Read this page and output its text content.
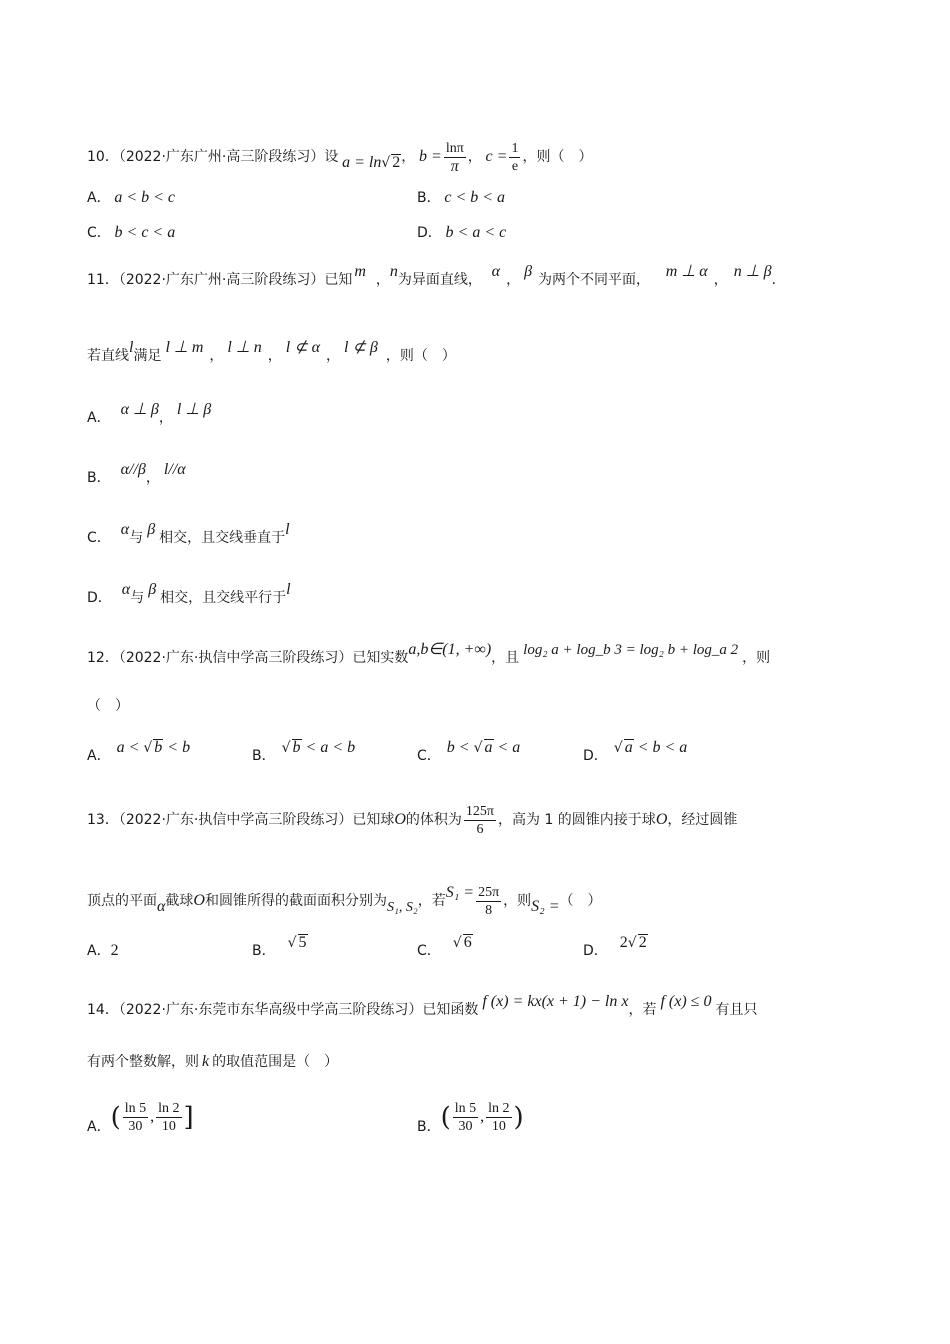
10．（2022·广东广州·高三阶段练习）设 a = ln√ 2， $b = \frac{\ln\pi}{\pi}$ ， $c = \frac{1}{e}$ ，则（　）
A． a < b < c	B． c < b < a
C． b < c < a	D． b < a < c
11．（2022·广东广州·高三阶段练习）已知 m ，n为异面直线， α ， β 为两个不同平面， m ⊥ α ， n ⊥ β.
若直线l满足 l ⊥ m ， l ⊥ n ， l ⊄ α ， l ⊄ β ，则（　）
A． α ⊥ β， l ⊥ β
B． α//β， l//α
C． α与 β 相交，且交线垂直于l
D． α与 β 相交，且交线平行于l
12．（2022·广东·执信中学高三阶段练习）已知实数a,b∈(1, +∞)，且 log₂ a + log_b 3 = log₂ b + log_a 2 ，则
（　）
A． a < √ b < b	B． √ b < a < b	C． b < √ a < a	D． √ a < b < a
13．（2022·广东·执信中学高三阶段练习）已知球O的体积为 $\frac{125\pi}{6}$ ，高为 1 的圆锥内接于球O，经过圆锥
顶点的平面α截球O和圆锥所得的截面面积分别为S₁, S₂，若$S_1 = \frac{25\pi}{8}$ ，则S₂ =（　）
A．2	B． √ 5	C． √ 6	D． 2√ 2
14．（2022·广东·东莞市东华高级中学高三阶段练习）已知函数 f (x) = kx(x + 1) − ln x，若 f (x) ≤ 0 有且只
有两个整数解，则 k 的取值范围是（　）
A．( $\frac{\ln 5}{30}$ , $\frac{\ln 2}{10}$ ]	B．( $\frac{\ln 5}{30}$ , $\frac{\ln 2}{10}$ )
